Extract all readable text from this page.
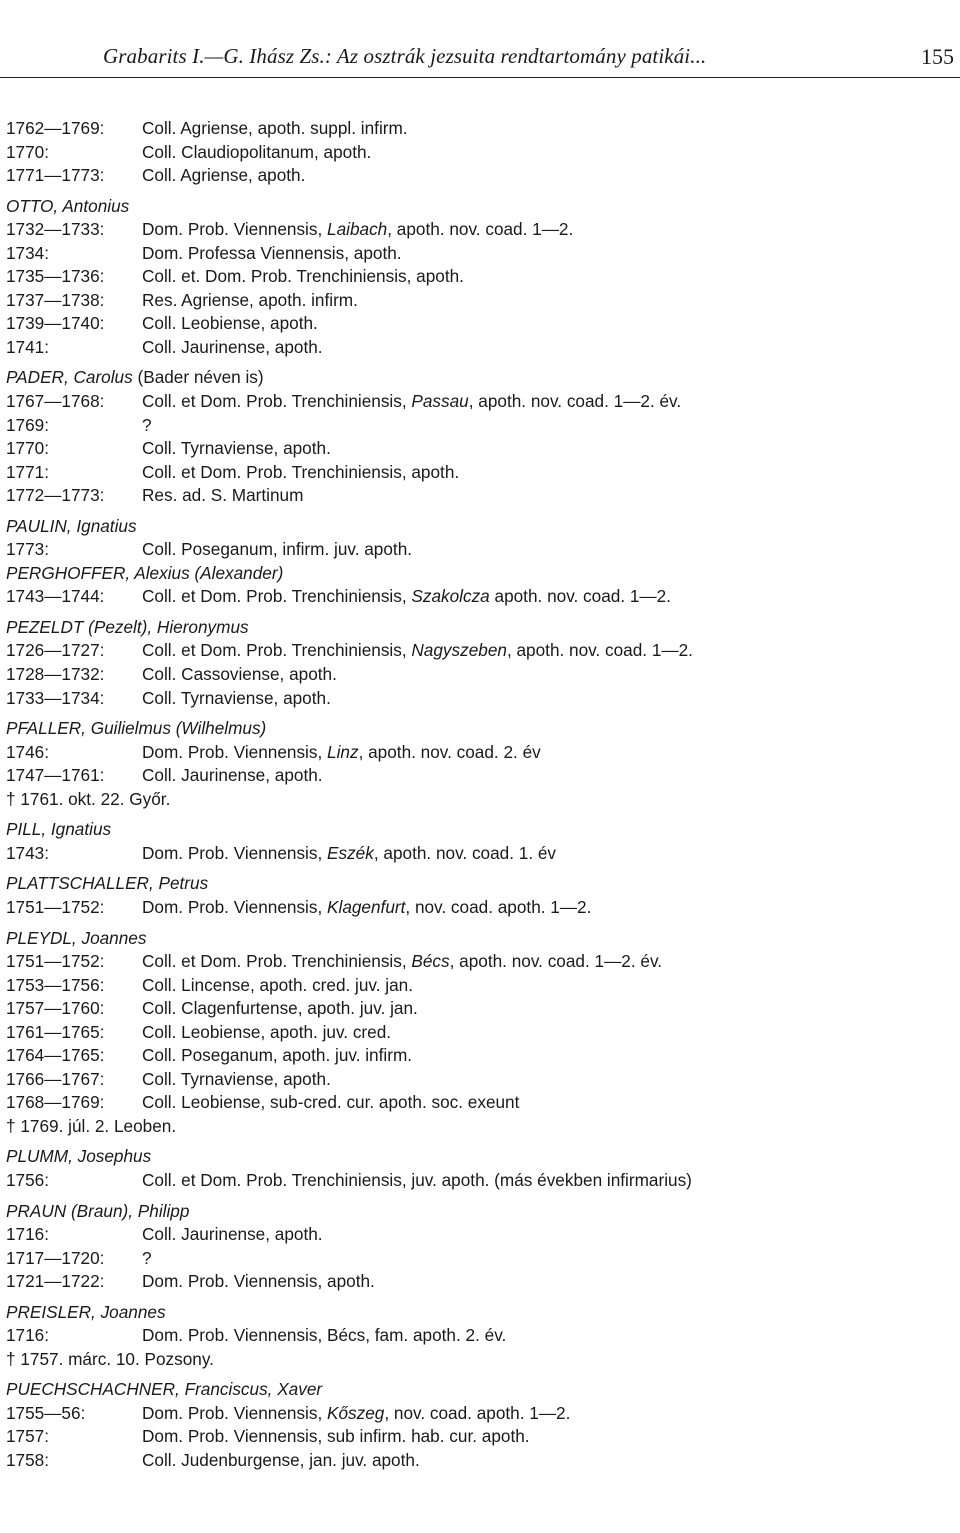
Grabarits I.—G. Ihász Zs.: Az osztrák jezsuita rendtartomány patikái...	155
1762—1769: Coll. Agriense, apoth. suppl. infirm.
1770:	Coll. Claudiopolitanum, apoth.
1771—1773: Coll. Agriense, apoth.
OTTO, Antonius
1732—1733: Dom. Prob. Viennensis, Laibach, apoth. nov. coad. 1—2.
1734:	Dom. Professa Viennensis, apoth.
1735—1736: Coll. et. Dom. Prob. Trenchiniensis, apoth.
1737—1738: Res. Agriense, apoth. infirm.
1739—1740: Coll. Leobiense, apoth.
1741:	Coll. Jaurinense, apoth.
PADER, Carolus (Bader néven is)
1767—1768: Coll. et Dom. Prob. Trenchiniensis, Passau, apoth. nov. coad. 1—2. év.
1769:	?
1770:	Coll. Tyrnaviense, apoth.
1771:	Coll. et Dom. Prob. Trenchiniensis, apoth.
1772—1773: Res. ad. S. Martinum
PAULIN, Ignatius
1773:	Coll. Poseganum, infirm. juv. apoth.
PERGHOFFER, Alexius (Alexander)
1743—1744: Coll. et Dom. Prob. Trenchiniensis, Szakolcza apoth. nov. coad. 1—2.
PEZELDT (Pezelt), Hieronymus
1726—1727: Coll. et Dom. Prob. Trenchiniensis, Nagyszeben, apoth. nov. coad. 1—2.
1728—1732: Coll. Cassoviense, apoth.
1733—1734: Coll. Tyrnaviense, apoth.
PFALLER, Guilielmus (Wilhelmus)
1746:	Dom. Prob. Viennensis, Linz, apoth. nov. coad. 2. év
1747—1761: Coll. Jaurinense, apoth.
† 1761. okt. 22. Győr.
PILL, Ignatius
1743:	Dom. Prob. Viennensis, Eszék, apoth. nov. coad. 1. év
PLATTSCHALLER, Petrus
1751—1752: Dom. Prob. Viennensis, Klagenfurt, nov. coad. apoth. 1—2.
PLEYDL, Joannes
1751—1752: Coll. et Dom. Prob. Trenchiniensis, Bécs, apoth. nov. coad. 1—2. év.
1753—1756: Coll. Lincense, apoth. cred. juv. jan.
1757—1760: Coll. Clagenfurtense, apoth. juv. jan.
1761—1765: Coll. Leobiense, apoth. juv. cred.
1764—1765: Coll. Poseganum, apoth. juv. infirm.
1766—1767: Coll. Tyrnaviense, apoth.
1768—1769: Coll. Leobiense, sub-cred. cur. apoth. soc. exeunt
† 1769. júl. 2. Leoben.
PLUMM, Josephus
1756:	Coll. et Dom. Prob. Trenchiniensis, juv. apoth. (más években infirmarius)
PRAUN (Braun), Philipp
1716:	Coll. Jaurinense, apoth.
1717—1720: ?
1721—1722: Dom. Prob. Viennensis, apoth.
PREISLER, Joannes
1716:	Dom. Prob. Viennensis, Bécs, fam. apoth. 2. év.
† 1757. márc. 10. Pozsony.
PUECHSCHACHNER, Franciscus, Xaver
1755—56:	Dom. Prob. Viennensis, Kőszeg, nov. coad. apoth. 1—2.
1757:	Dom. Prob. Viennensis, sub infirm. hab. cur. apoth.
1758:	Coll. Judenburgense, jan. juv. apoth.
